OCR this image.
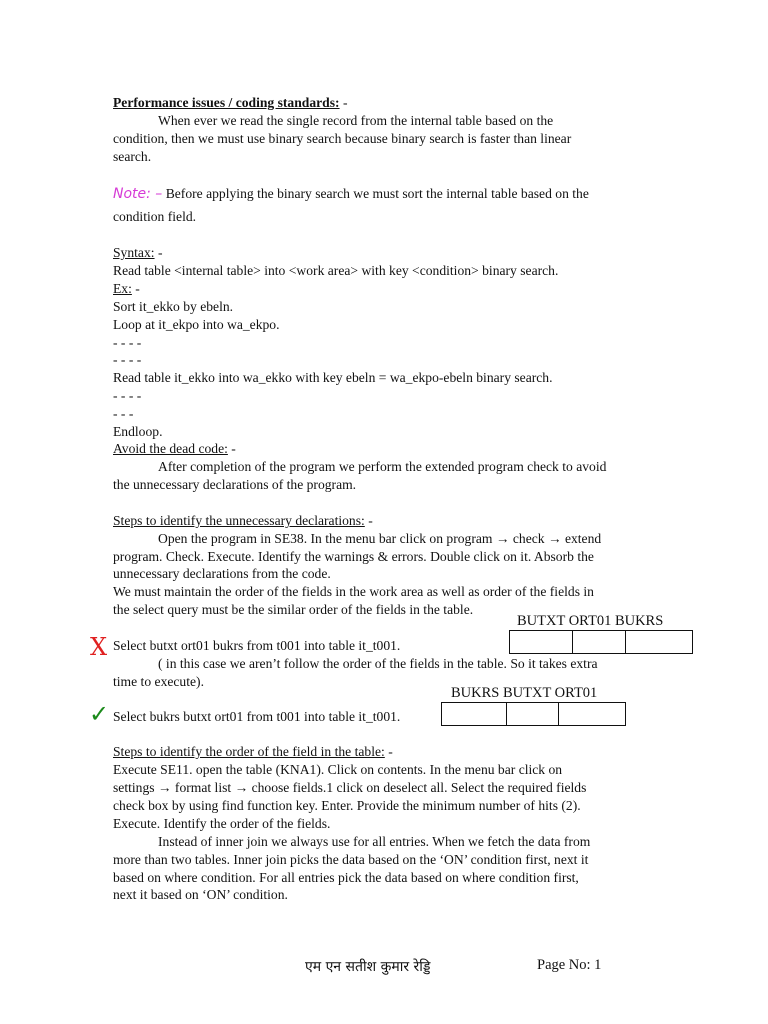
Performance issues / coding standards: -
When ever we read the single record from the internal table based on the
condition, then we must use binary search because binary search is faster than linear
search.
Note: – Before applying the binary search we must sort the internal table based on the
condition field.
Syntax: -
Read table <internal table> into <work area> with key <condition> binary search.
Ex: -
Sort it_ekko by ebeln.
Loop at it_ekpo into wa_ekpo.
- - - -
- - - -
Read table it_ekko into wa_ekko with key ebeln = wa_ekpo-ebeln binary search.
- - - -
- - -
Endloop.
Avoid the dead code: -
After completion of the program we perform the extended program check to avoid
the unnecessary declarations of the program.
Steps to identify the unnecessary declarations: -
Open the program in SE38. In the menu bar click on program → check → extend
program. Check. Execute. Identify the warnings & errors. Double click on it. Absorb the
unnecessary declarations from the code.
We must maintain the order of the fields in the work area as well as order of the fields in
the select query must be the similar order of the fields in the table.
BUTXT ORT01 BUKRS
X Select butxt ort01 bukrs from t001 into table it_t001.
( in this case we aren’t follow the order of the fields in the table. So it takes extra
time to execute).
BUKRS BUTXT ORT01
✓ Select bukrs butxt ort01 from t001 into table it_t001.
Steps to identify the order of the field in the table: -
Execute SE11. open the table (KNA1). Click on contents. In the menu bar click on
settings → format list → choose fields.1 click on deselect all. Select the required fields
check box by using find function key. Enter. Provide the minimum number of hits (2).
Execute. Identify the order of the fields.
Instead of inner join we always use for all entries. When we fetch the data from
more than two tables. Inner join picks the data based on the ‘ON’ condition first, next it
based on where condition. For all entries pick the data based on where condition first,
next it based on ‘ON’ condition.
एम एन सतीश कुमार रेड्डि	Page No: 1
